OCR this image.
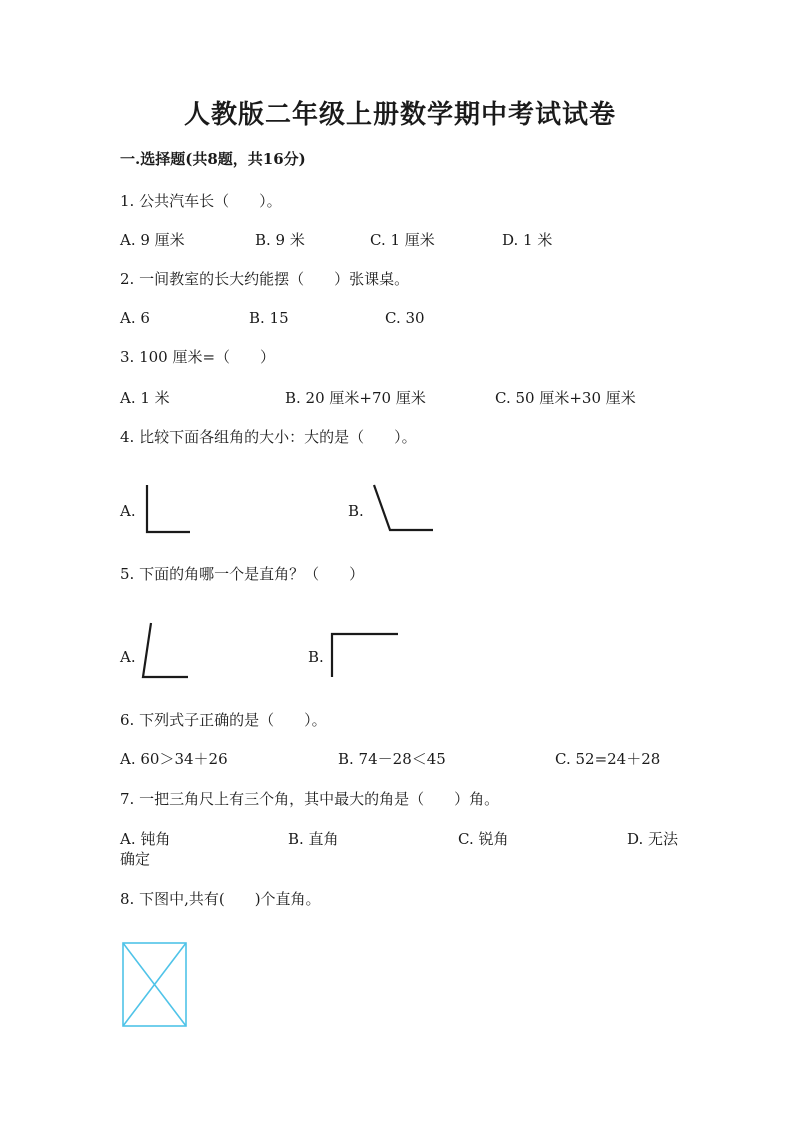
人教版二年级上册数学期中考试试卷
一.选择题(共8题，共16分)
1. 公共汽车长（　　）。
A. 9 厘米	B. 9 米	C. 1 厘米	D. 1 米
2. 一间教室的长大约能摆（　　）张课桌。
A. 6	B. 15	C. 30
3. 100 厘米=（　　）
A. 1 米	B. 20 厘米+70 厘米	C. 50 厘米+30 厘米
4. 比较下面各组角的大小：大的是（　　）。
A.	B.
5. 下面的角哪一个是直角？（　　）
A.	B.
6. 下列式子正确的是（　　）。
A. 60＞34＋26	B. 74－28＜45	C. 52=24＋28
7. 一把三角尺上有三个角，其中最大的角是（　　）角。
A. 钝角	B. 直角	C. 锐角	D. 无法
确定
8. 下图中,共有(　　)个直角。
